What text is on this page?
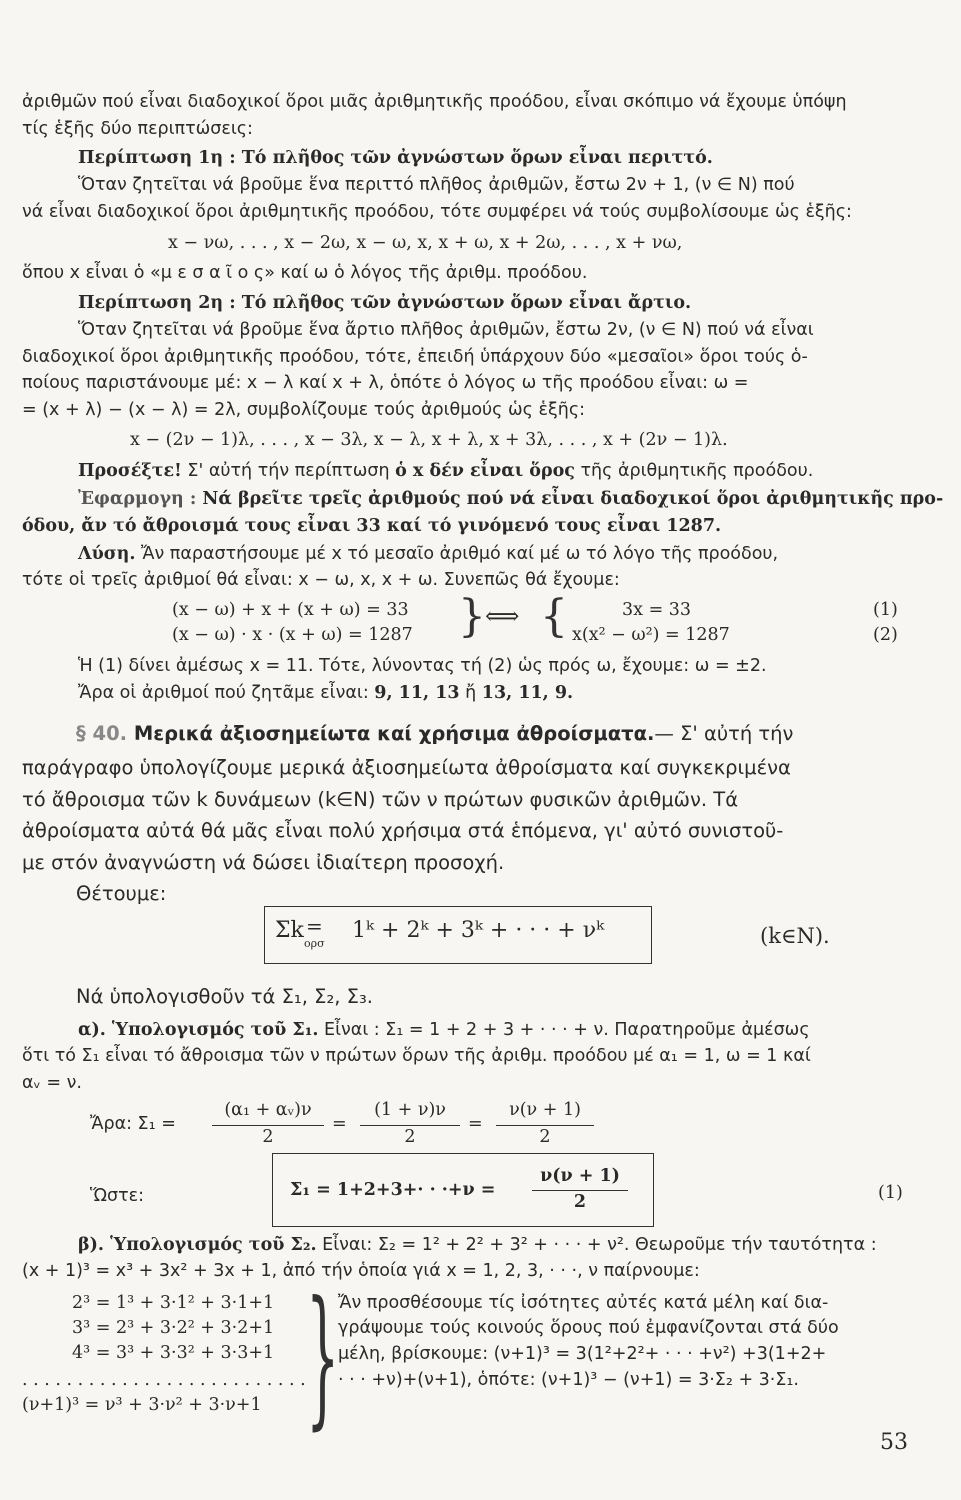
ἀριθμῶν πού εἶναι διαδοχικοί ὅροι μιᾶς ἀριθμητικῆς προόδου, εἶναι σκόπιμο νά ἔχουμε ὑπόψη
τίς ἑξῆς δύο περιπτώσεις:
Περίπτωση 1η : Τό πλῆθος τῶν ἀγνώστων ὅρων εἶναι περιττό.
Ὅταν ζητεῖται νά βροῦμε ἕνα περιττό πλῆθος ἀριθμῶν, ἔστω 2ν + 1, (ν ∈ N) πού
νά εἶναι διαδοχικοί ὅροι ἀριθμητικῆς προόδου, τότε συμφέρει νά τούς συμβολίσουμε ὡς ἑξῆς:
x − νω, . . . , x − 2ω, x − ω, x, x + ω, x + 2ω, . . . , x + νω,
ὅπου x εἶναι ὁ «μ ε σ α ῖ ο ς» καί ω ὁ λόγος τῆς ἀριθμ. προόδου.
Περίπτωση 2η : Τό πλῆθος τῶν ἀγνώστων ὅρων εἶναι ἄρτιο.
Ὅταν ζητεῖται νά βροῦμε ἕνα ἄρτιο πλῆθος ἀριθμῶν, ἔστω 2ν, (ν ∈ N) πού νά εἶναι
διαδοχικοί ὅροι ἀριθμητικῆς προόδου, τότε, ἐπειδή ὑπάρχουν δύο «μεσαῖοι» ὅροι τούς ὁ-
ποίους παριστάνουμε μέ: x − λ καί x + λ, ὁπότε ὁ λόγος ω τῆς προόδου εἶναι: ω =
= (x + λ) − (x − λ) = 2λ, συμβολίζουμε τούς ἀριθμούς ὡς ἑξῆς:
x − (2ν − 1)λ, . . . , x − 3λ, x − λ, x + λ, x + 3λ, . . . , x + (2ν − 1)λ.
Προσέξτε! Σ' αὐτή τήν περίπτωση ὁ x δέν εἶναι ὅρος τῆς ἀριθμητικῆς προόδου.
Ἐφαρμογη : Νά βρεῖτε τρεῖς ἀριθμούς πού νά εἶναι διαδοχικοί ὅροι ἀριθμητικῆς προ-
όδου, ἄν τό ἄθροισμά τους εἶναι 33 καί τό γινόμενό τους εἶναι 1287.
Λύση. Ἄν παραστήσουμε μέ x τό μεσαῖο ἀριθμό καί μέ ω τό λόγο τῆς προόδου,
τότε οἱ τρεῖς ἀριθμοί θά εἶναι: x − ω, x, x + ω. Συνεπῶς θά ἔχουμε:
(x − ω) + x + (x + ω) = 33
(x − ω) · x · (x + ω) = 1287 } ⟺ {	3x = 33
x(x² − ω²) = 1287
(1)
(2)
Ἡ (1) δίνει ἀμέσως x = 11. Τότε, λύνοντας τή (2) ὡς πρός ω, ἔχουμε: ω = ±2.
Ἄρα οἱ ἀριθμοί πού ζητᾶμε εἶναι: 9, 11, 13 ἤ 13, 11, 9.
§ 40. Μερικά ἀξιοσημείωτα καί χρήσιμα ἀθροίσματα.— Σ' αὐτή τήν
παράγραφο ὑπολογίζουμε μερικά ἀξιοσημείωτα ἀθροίσματα καί συγκεκριμένα
τό ἄθροισμα τῶν k δυνάμεων (k∈N) τῶν ν πρώτων φυσικῶν ἀριθμῶν. Τά
ἀθροίσματα αὐτά θά μᾶς εἶναι πολύ χρήσιμα στά ἑπόμενα, γι' αὐτό συνιστοῦ-
με στόν ἀναγνώστη νά δώσει ἰδιαίτερη προσοχή.
Θέτουμε:
Σk =
ορσ
1ᵏ + 2ᵏ + 3ᵏ + · · · + νᵏ	(k∈N).
Νά ὑπολογισθοῦν τά Σ₁, Σ₂, Σ₃.
α). Ὑπολογισμός τοῦ Σ₁. Εἶναι : Σ₁ = 1 + 2 + 3 + · · · + ν. Παρατηροῦμε ἀμέσως
ὅτι τό Σ₁ εἶναι τό ἄθροισμα τῶν ν πρώτων ὅρων τῆς ἀριθμ. προόδου μέ α₁ = 1, ω = 1 καί
αᵥ = ν.
Ἄρα: Σ₁ =
(α₁ + αᵥ)ν
2
=
(1 + ν)ν
2
=
ν(ν + 1)
2
Ὥστε:	Σ₁ = 1+2+3+· · ·+ν =
ν(ν + 1)
2	(1)
β). Ὑπολογισμός τοῦ Σ₂. Εἶναι: Σ₂ = 1² + 2² + 3² + · · · + ν². Θεωροῦμε τήν ταυτότητα :
(x + 1)³ = x³ + 3x² + 3x + 1, ἀπό τήν ὁποία γιά x = 1, 2, 3, · · ·, ν παίρνουμε:
2³ = 1³ + 3·1² + 3·1+1
3³ = 2³ + 3·2² + 3·2+1
4³ = 3³ + 3·3² + 3·3+1
. . . . . . . . . . . . . . . . . . . . . . . . . .
(ν+1)³ = ν³ + 3·ν² + 3·ν+1 }
Ἄν προσθέσουμε τίς ἰσότητες αὐτές κατά μέλη καί δια-
γράψουμε τούς κοινούς ὅρους πού ἐμφανίζονται στά δύο
μέλη, βρίσκουμε: (ν+1)³ = 3(1²+2²+ · · · +ν²) +3(1+2+
· · · +ν)+(ν+1), ὁπότε: (ν+1)³ − (ν+1) = 3·Σ₂ + 3·Σ₁.
53
